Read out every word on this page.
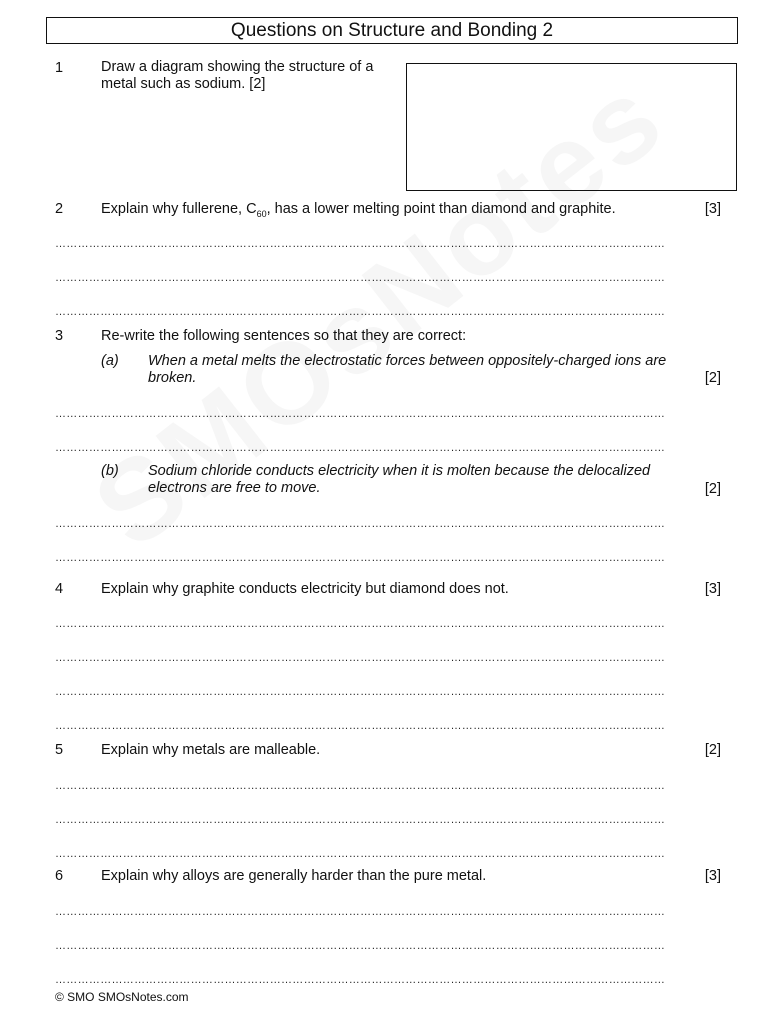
Questions on Structure and Bonding 2
1	Draw a diagram showing the structure of a metal such as sodium. [2]
2	Explain why fullerene, $C_{60}$, has a lower melting point than diamond and graphite.	[3]
………………………………………………………………………………………………………………………………………………
………………………………………………………………………………………………………………………………………………
………………………………………………………………………………………………………………………………………………
3	Re-write the following sentences so that they are correct:
(a) When a metal melts the electrostatic forces between oppositely-charged ions are broken.	[2]
………………………………………………………………………………………………………………………………………………
………………………………………………………………………………………………………………………………………………
(b) Sodium chloride conducts electricity when it is molten because the delocalized electrons are free to move.	[2]
………………………………………………………………………………………………………………………………………………
………………………………………………………………………………………………………………………………………………
4	Explain why graphite conducts electricity but diamond does not.	[3]
………………………………………………………………………………………………………………………………………………
………………………………………………………………………………………………………………………………………………
………………………………………………………………………………………………………………………………………………
………………………………………………………………………………………………………………………………………………
5	Explain why metals are malleable.	[2]
………………………………………………………………………………………………………………………………………………
………………………………………………………………………………………………………………………………………………
………………………………………………………………………………………………………………………………………………
6	Explain why alloys are generally harder than the pure metal.	[3]
………………………………………………………………………………………………………………………………………………
………………………………………………………………………………………………………………………………………………
………………………………………………………………………………………………………………………………………………
© SMO SMOsNotes.com
